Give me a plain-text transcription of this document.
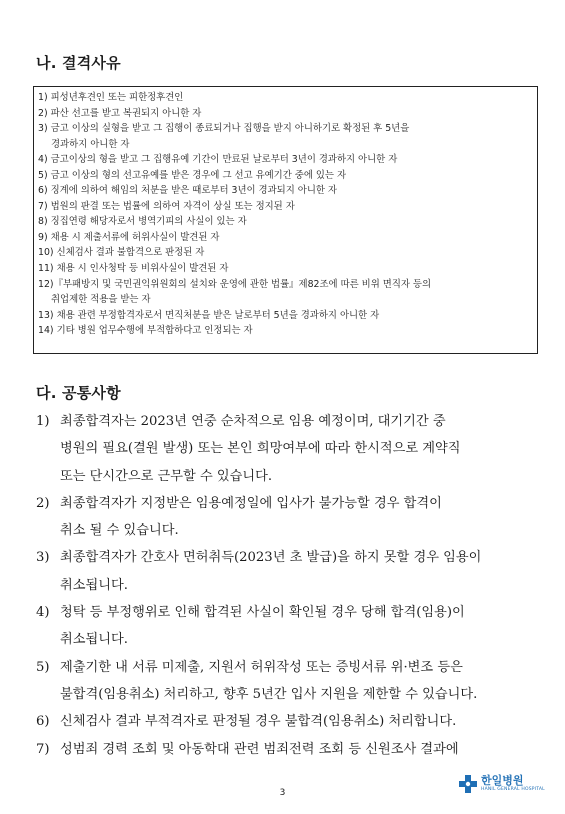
나. 결격사유
1) 피성년후견인 또는 피한정후견인
2) 파산 선고를 받고 복권되지 아니한 자
3) 금고 이상의 실형을 받고 그 집행이 종료되거나 집행을 받지 아니하기로 확정된 후 5년을
경과하지 아니한 자
4) 금고이상의 형을 받고 그 집행유예 기간이 만료된 날로부터 3년이 경과하지 아니한 자
5) 금고 이상의 형의 선고유예를 받은 경우에 그 선고 유예기간 중에 있는 자
6) 징계에 의하여 해임의 처분을 받은 때로부터 3년이 경과되지 아니한 자
7) 법원의 판결 또는 법률에 의하여 자격이 상실 또는 정지된 자
8) 징집연령 해당자로서 병역기피의 사실이 있는 자
9) 채용 시 제출서류에 허위사실이 발견된 자
10) 신체검사 결과 불합격으로 판정된 자
11) 채용 시 인사청탁 등 비위사실이 발견된 자
12)『부패방지 및 국민권익위원회의 설치와 운영에 관한 법률』제82조에 따른 비위 면직자 등의
취업제한 적용을 받는 자
13) 채용 관련 부정합격자로서 면직처분을 받은 날로부터 5년을 경과하지 아니한 자
14) 기타 병원 업무수행에 부적합하다고 인정되는 자
다. 공통사항
1) 최종합격자는 2023년 연중 순차적으로 임용 예정이며, 대기기간 중
병원의 필요(결원 발생) 또는 본인 희망여부에 따라 한시적으로 계약직
또는 단시간으로 근무할 수 있습니다.
2) 최종합격자가 지정받은 임용예정일에 입사가 불가능할 경우 합격이
취소 될 수 있습니다.
3) 최종합격자가 간호사 면허취득(2023년 초 발급)을 하지 못할 경우 임용이
취소됩니다.
4) 청탁 등 부정행위로 인해 합격된 사실이 확인될 경우 당해 합격(임용)이
취소됩니다.
5) 제출기한 내 서류 미제출, 지원서 허위작성 또는 증빙서류 위·변조 등은
불합격(임용취소) 처리하고, 향후 5년간 입사 지원을 제한할 수 있습니다.
6) 신체검사 결과 부적격자로 판정될 경우 불합격(임용취소) 처리합니다.
7) 성범죄 경력 조회 및 아동학대 관련 범죄전력 조회 등 신원조사 결과에
3
한일병원
HANIL GENERAL HOSPITAL
